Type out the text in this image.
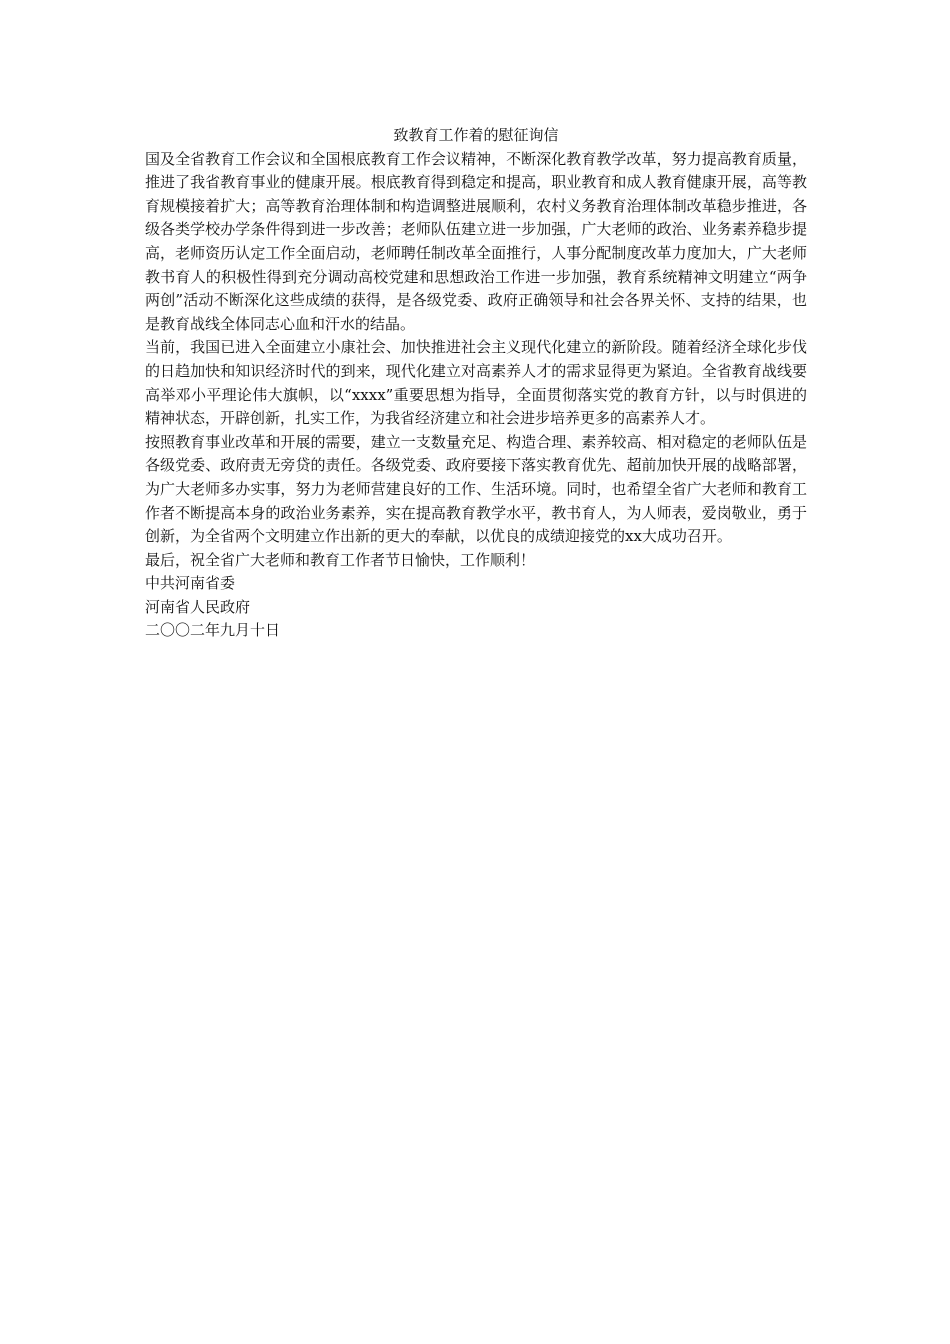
致教育工作着的慰征询信

国及全省教育工作会议和全国根底教育工作会议精神，不断深化教育教学改革，努力提高教育质量，推进了我省教育事业的健康开展。根底教育得到稳定和提高，职业教育和成人教育健康开展，高等教育规模接着扩大；高等教育治理体制和构造调整进展顺利，农村义务教育治理体制改革稳步推进，各级各类学校办学条件得到进一步改善；老师队伍建立进一步加强，广大老师的政治、业务素养稳步提高，老师资历认定工作全面启动，老师聘任制改革全面推行，人事分配制度改革力度加大，广大老师教书育人的积极性得到充分调动高校党建和思想政治工作进一步加强，教育系统精神文明建立“两争两创”活动不断深化这些成绩的获得，是各级党委、政府正确领导和社会各界关怀、支持的结果，也是教育战线全体同志心血和汗水的结晶。

当前，我国已进入全面建立小康社会、加快推进社会主义现代化建立的新阶段。随着经济全球化步伐的日趋加快和知识经济时代的到来，现代化建立对高素养人才的需求显得更为紧迫。全省教育战线要高举邓小平理论伟大旗帜，以“xxxx”重要思想为指导，全面贯彻落实党的教育方针，以与时俱进的精神状态，开辟创新，扎实工作，为我省经济建立和社会进步培养更多的高素养人才。

按照教育事业改革和开展的需要，建立一支数量充足、构造合理、素养较高、相对稳定的老师队伍是各级党委、政府责无旁贷的责任。各级党委、政府要接下落实教育优先、超前加快开展的战略部署，为广大老师多办实事，努力为老师营建良好的工作、生活环境。同时，也希望全省广大老师和教育工作者不断提高本身的政治业务素养，实在提高教育教学水平，教书育人，为人师表，爱岗敬业，勇于创新，为全省两个文明建立作出新的更大的奉献，以优良的成绩迎接党的xx大成功召开。

最后，祝全省广大老师和教育工作者节日愉快，工作顺利！

中共河南省委

河南省人民政府

二〇〇二年九月十日
